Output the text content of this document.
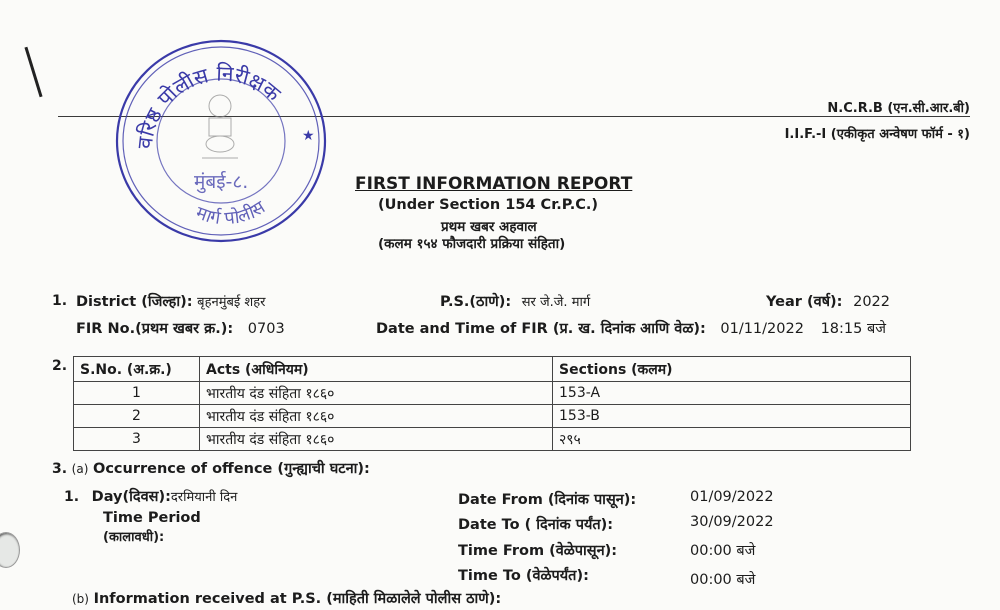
वरिष्ठ पोलीस निरीक्षक
मार्ग पोलीस
★
मुंबई-८.
N.C.R.B (एन.सी.आर.बी)
I.I.F.-I (एकीकृत अन्वेषण फॉर्म - १)
FIRST INFORMATION REPORT
(Under Section 154 Cr.P.C.)
प्रथम खबर अहवाल
(कलम १५४ फौजदारी प्रक्रिया संहिता)
1. District (जिल्हा): बृहनमुंबई शहर	P.S.(ठाणे): सर जे.जे. मार्ग	Year (वर्ष): 2022
FIR No.(प्रथम खबर क्र.): 0703	Date and Time of FIR (प्र. ख. दिनांक आणि वेळ): 01/11/2022 18:15 बजे
2. S.No. (अ.क्र.)	Acts (अधिनियम)	Sections (कलम)
1	भारतीय दंड संहिता १८६०	153-A
2	भारतीय दंड संहिता १८६०	153-B
3	भारतीय दंड संहिता १८६०	२९५
3. (a) Occurrence of offence (गुन्ह्याची घटना):
1. Day(दिवस):दरमियानी दिन
Time Period
(कालावधी):
Date From (दिनांक पासून):	01/09/2022
Date To ( दिनांक पर्यंत):	30/09/2022
Time From (वेळेपासून):	00:00 बजे
Time To (वेळेपर्यंत):	00:00 बजे
(b) Information received at P.S. (माहिती मिळालेले पोलीस ठाणे):
